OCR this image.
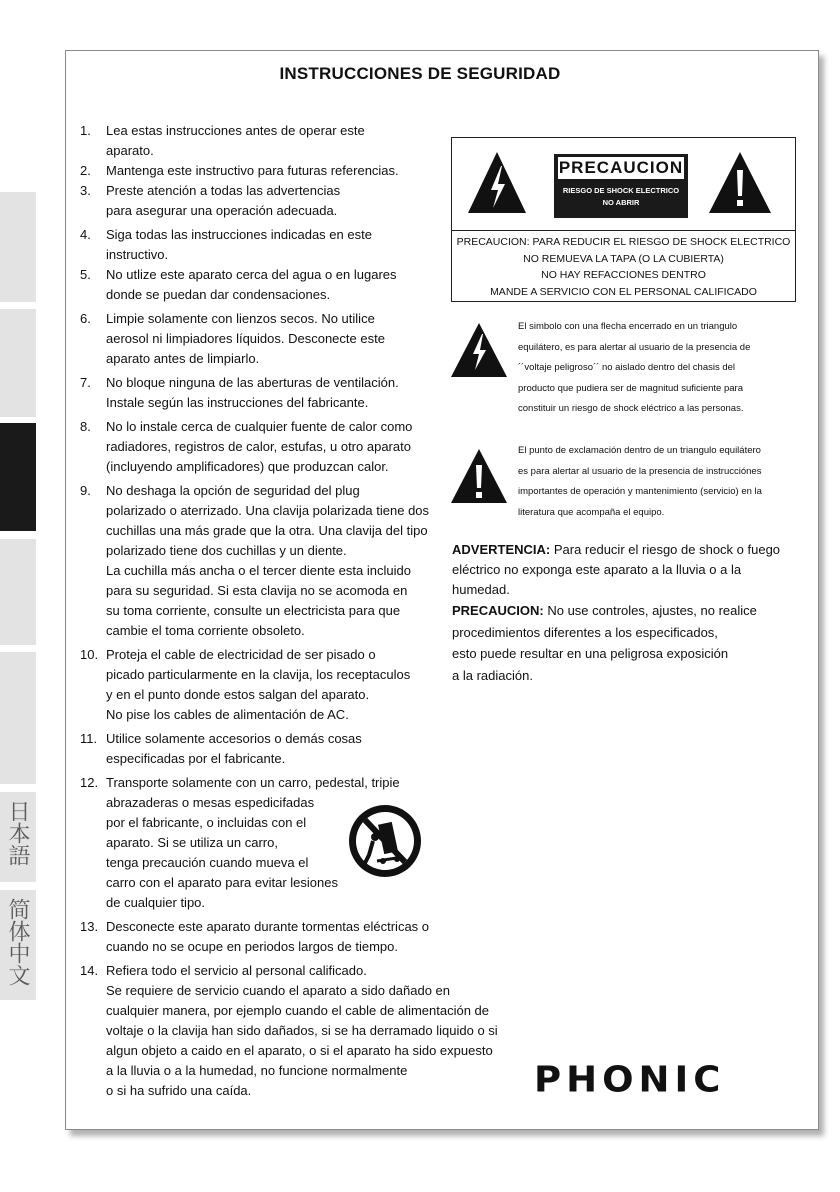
日本語
简体中文
INSTRUCCIONES DE SEGURIDAD
1. Lea estas instrucciones antes de operar este
aparato.
2. Mantenga este instructivo para futuras referencias.
3. Preste atención a todas las advertencias
para asegurar una operación adecuada.
4. Siga todas las instrucciones indicadas en este
instructivo.
5. No utlize este aparato cerca del agua o en lugares
donde se puedan dar condensaciones.
6. Limpie solamente con lienzos secos. No utilice
aerosol ni limpiadores líquidos. Desconecte este
aparato antes de limpiarlo.
7. No bloque ninguna de las aberturas de ventilación.
Instale según las instrucciones del fabricante.
8. No lo instale cerca de cualquier fuente de calor como
radiadores, registros de calor, estufas, u otro aparato
(incluyendo amplificadores) que produzcan calor.
9. No deshaga la opción de seguridad del plug
polarizado o aterrizado. Una clavija polarizada tiene dos
cuchillas una más grade que la otra. Una clavija del tipo
polarizado tiene dos cuchillas y un diente.
La cuchilla más ancha o el tercer diente esta incluido
para su seguridad. Si esta clavija no se acomoda en
su toma corriente, consulte un electricista para que
cambie el toma corriente obsoleto.
10. Proteja el cable de electricidad de ser pisado o
picado particularmente en la clavija, los receptaculos
y en el punto donde estos salgan del aparato.
No pise los cables de alimentación de AC.
11. Utilice solamente accesorios o demás cosas
especificadas por el fabricante.
12. Transporte solamente con un carro, pedestal, tripie
abrazaderas o mesas espedicifadas
por el fabricante, o incluidas con el
aparato. Si se utiliza un carro,
tenga precaución cuando mueva el
carro con el aparato para evitar lesiones
de cualquier tipo.
13. Desconecte este aparato durante tormentas eléctricas o
cuando no se ocupe en periodos largos de tiempo.
14. Refiera todo el servicio al personal calificado.
Se requiere de servicio cuando el aparato a sido dañado en
cualquier manera, por ejemplo cuando el cable de alimentación de
voltaje o la clavija han sido dañados, si se ha derramado liquido o si
algun objeto a caido en el aparato, o si el aparato ha sido expuesto
a la lluvia o a la humedad, no funcione normalmente
o si ha sufrido una caída.
PRECAUCION
RIESGO DE SHOCK ELECTRICO
NO ABRIR
PRECAUCION: PARA REDUCIR EL RIESGO DE SHOCK ELECTRICO
NO REMUEVA LA TAPA (O LA CUBIERTA)
NO HAY REFACCIONES DENTRO
MANDE A SERVICIO CON EL PERSONAL CALIFICADO
El simbolo con una flecha encerrado en un triangulo
equilátero, es para alertar al usuario de la presencia de
´´voltaje peligroso´´ no aislado dentro del chasis del
producto que pudiera ser de magnitud suficiente para
constituir un riesgo de shock eléctrico a las personas.
El punto de exclamación dentro de un triangulo equilátero
es para alertar al usuario de la presencia de instrucciónes
importantes de operación y mantenimiento (servicio) en la
literatura que acompaña el equipo.
ADVERTENCIA: Para reducir el riesgo de shock o fuego
eléctrico no exponga este aparato a la lluvia o a la
humedad.
PRECAUCION: No use controles, ajustes, no realice
procedimientos diferentes a los especificados,
esto puede resultar en una peligrosa exposición
a la radiación.
PHONIC
